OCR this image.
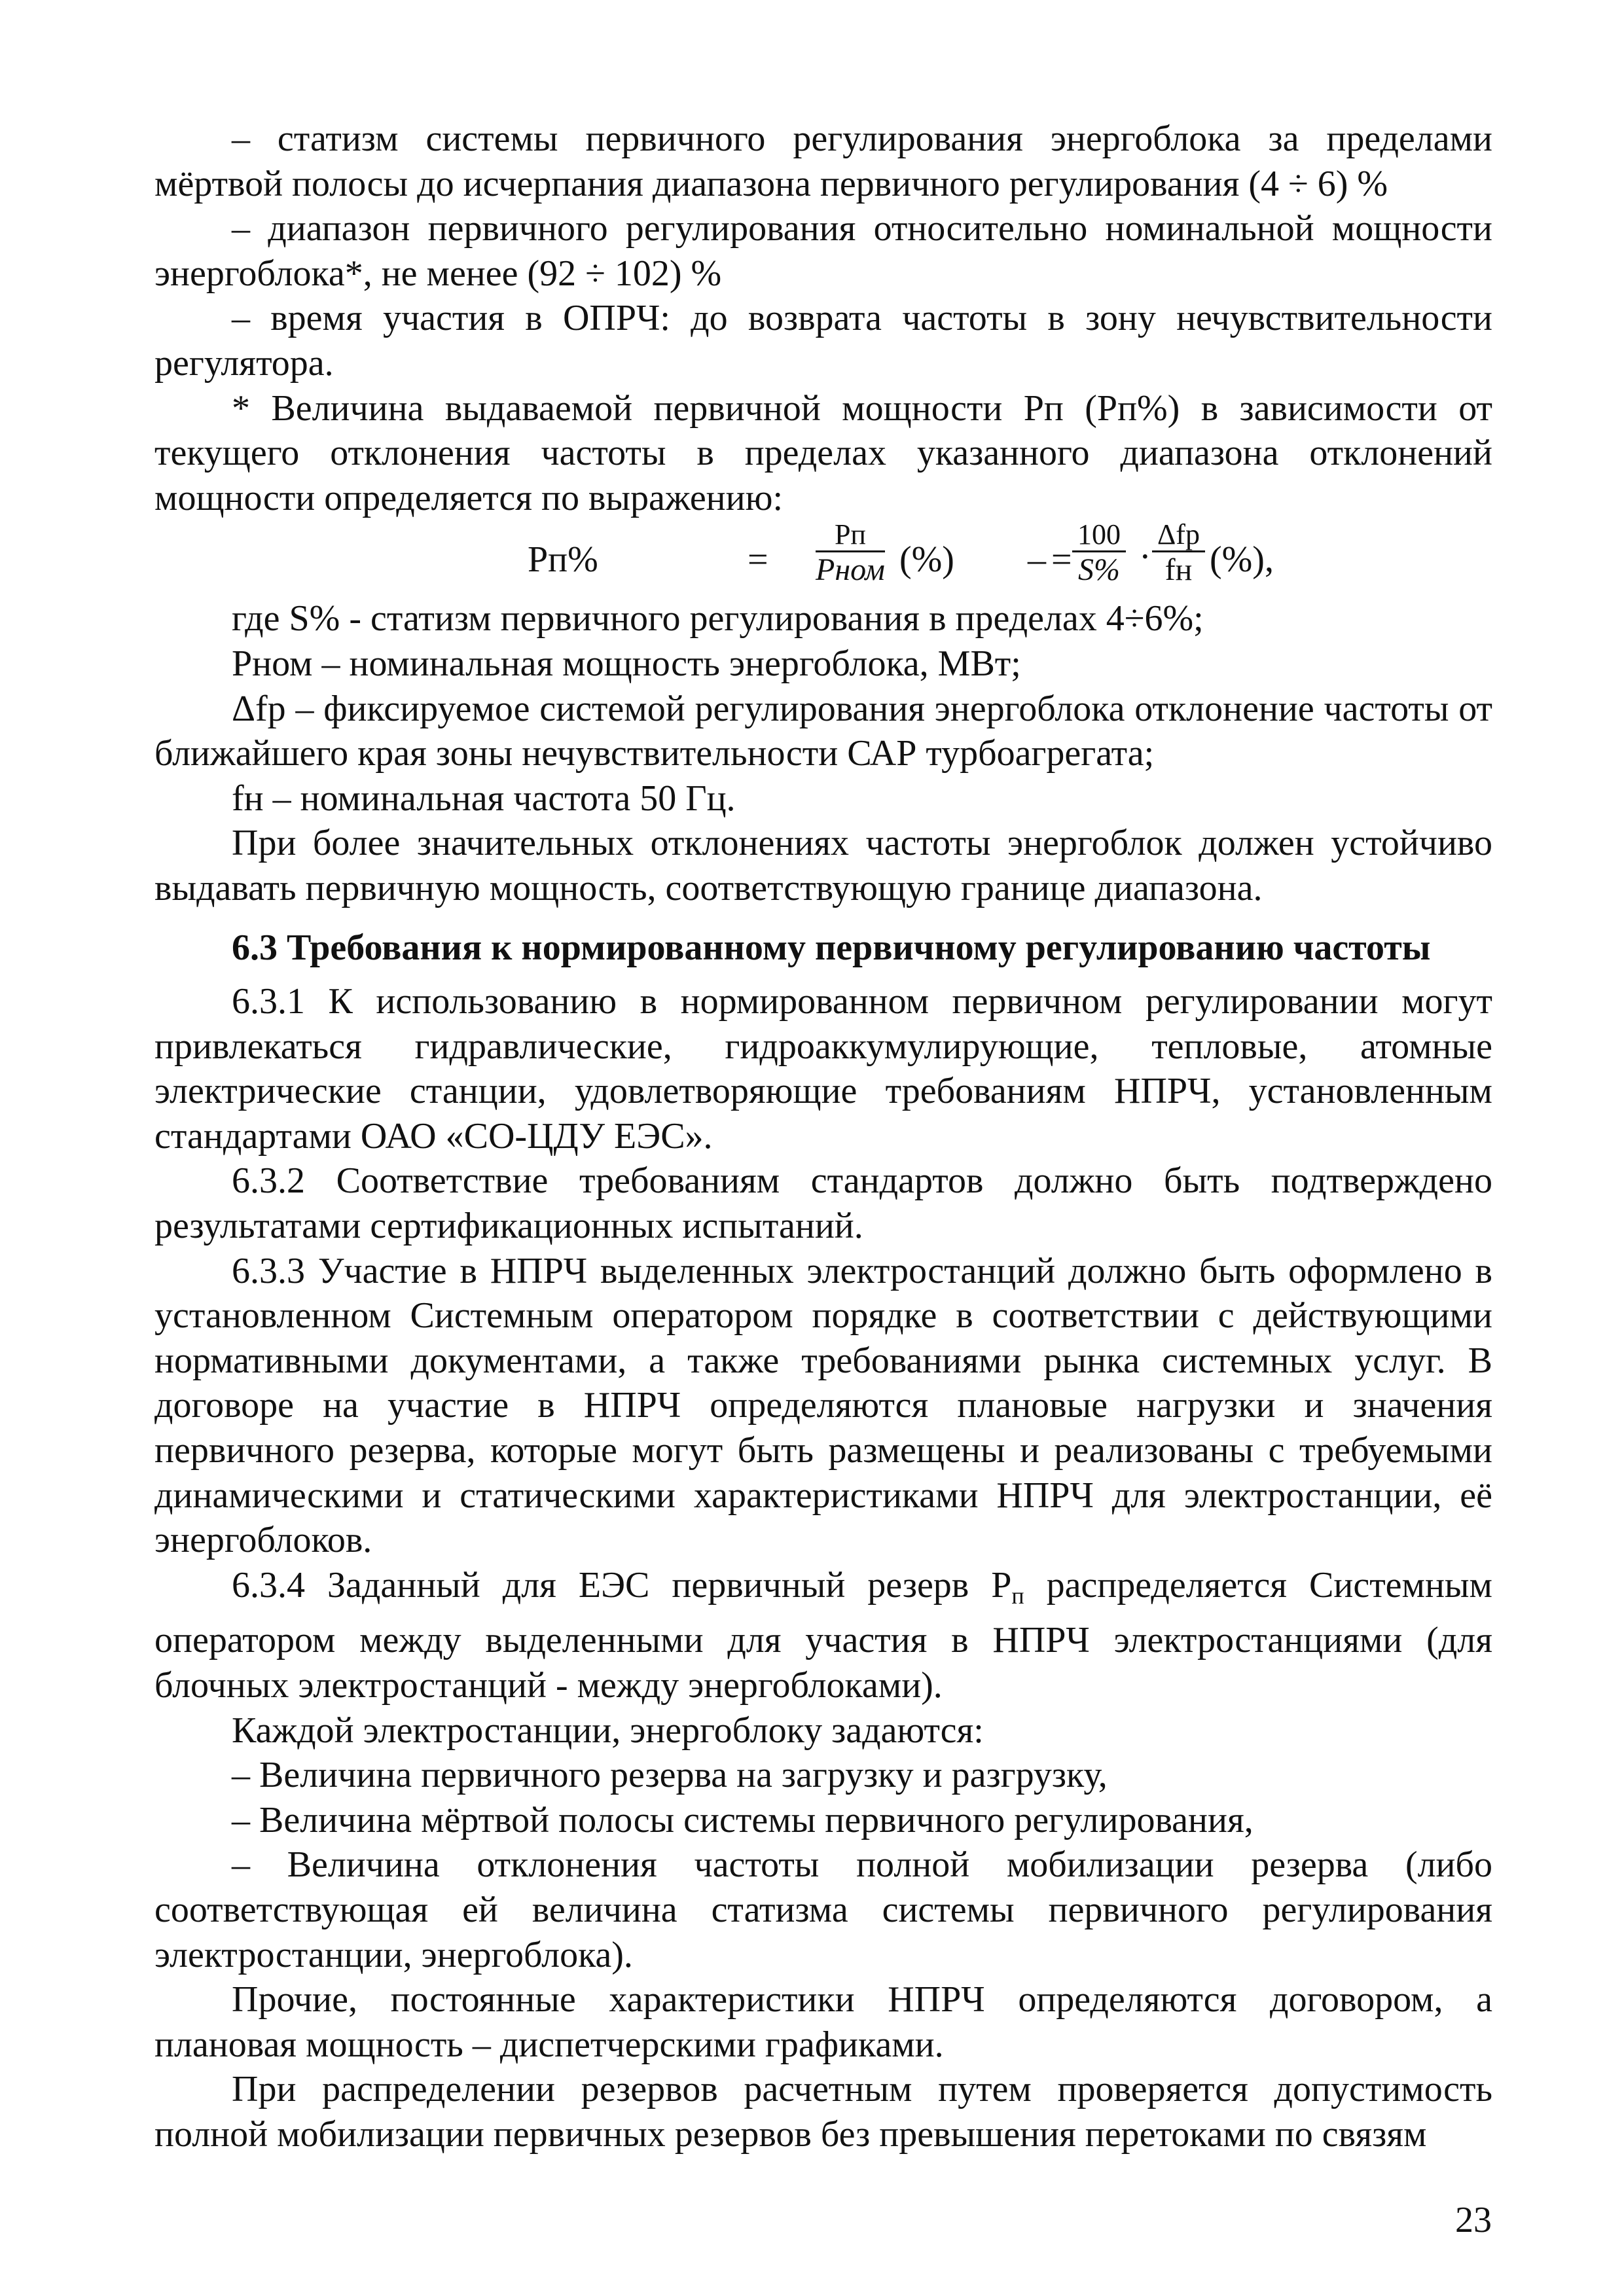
– статизм системы первичного регулирования энергоблока за пределами мёртвой полосы до исчерпания диапазона первичного регулирования (4 ÷ 6) %

– диапазон первичного регулирования относительно номинальной мощности энергоблока*, не менее (92 ÷ 102) %

– время участия в ОПРЧ: до возврата частоты в зону нечувствительности регулятора.

* Величина выдаваемой первичной мощности Рп (Рп%) в зависимости от текущего отклонения частоты в пределах указанного диапазона отклонений мощности определяется по выражению:

Рп%	=
Рп
Рном (%)	=
– $\frac{100}{S\%}$ ·
Δfр
fн (%),

где S% - статизм первичного регулирования в пределах 4÷6%;

Рном – номинальная мощность энергоблока, МВт;

Δfр – фиксируемое системой регулирования энергоблока отклонение частоты от ближайшего края зоны нечувствительности САР турбоагрегата;

fн – номинальная частота 50 Гц.

При более значительных отклонениях частоты энергоблок должен устойчиво выдавать первичную мощность, соответствующую границе диапазона.

6.3 Требования к нормированному первичному регулированию частоты

6.3.1 К использованию в нормированном первичном регулировании могут привлекаться гидравлические, гидроаккумулирующие, тепловые, атомные электрические станции, удовлетворяющие требованиям НПРЧ, установленным стандартами ОАО «СО-ЦДУ ЕЭС».

6.3.2 Соответствие требованиям стандартов должно быть подтверждено результатами сертификационных испытаний.

6.3.3 Участие в НПРЧ выделенных электростанций должно быть оформлено в установленном Системным оператором порядке в соответствии с действующими нормативными документами, а также требованиями рынка системных услуг. В договоре на участие в НПРЧ определяются плановые нагрузки и значения первичного резерва, которые могут быть размещены и реализованы с требуемыми динамическими и статическими характеристиками НПРЧ для электростанции, её энергоблоков.

6.3.4 Заданный для ЕЭС первичный резерв $Р_п$ распределяется Системным оператором между выделенными для участия в НПРЧ электростанциями (для блочных электростанций - между энергоблоками).

Каждой электростанции, энергоблоку задаются:

– Величина первичного резерва на загрузку и разгрузку,

– Величина мёртвой полосы системы первичного регулирования,

– Величина отклонения частоты полной мобилизации резерва (либо соответствующая ей величина статизма системы первичного регулирования электростанции, энергоблока).

Прочие, постоянные характеристики НПРЧ определяются договором, а плановая мощность – диспетчерскими графиками.

При распределении резервов расчетным путем проверяется допустимость полной мобилизации первичных резервов без превышения перетоками по связям

23
